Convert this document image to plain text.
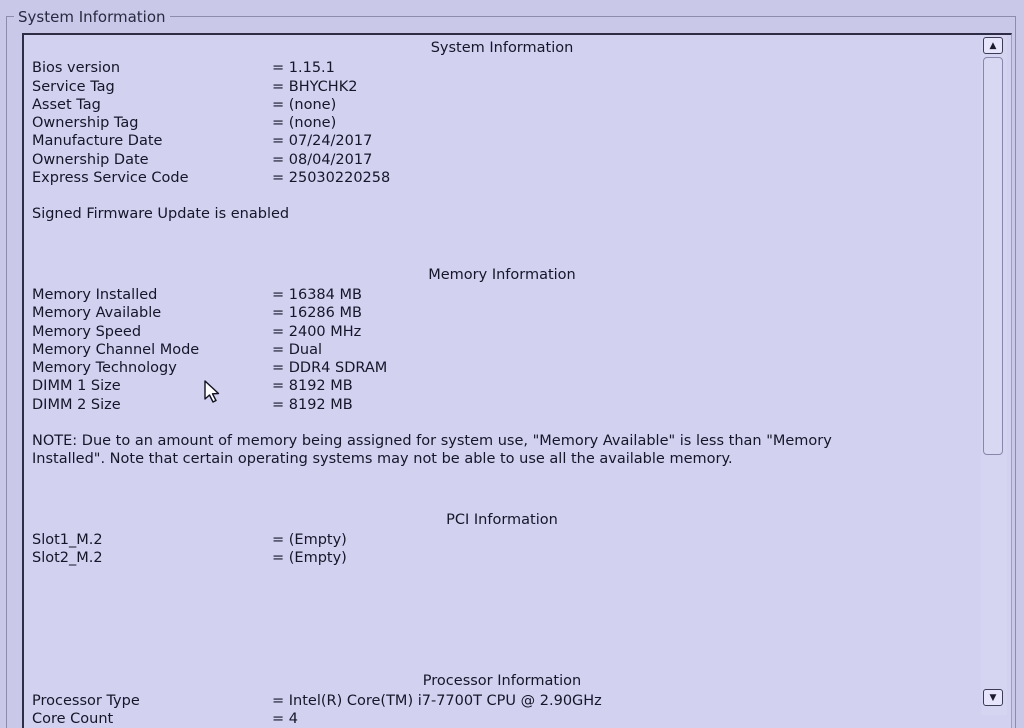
System Information
System Information
Bios version	= 1.15.1
Service Tag	= BHYCHK2
Asset Tag	= (none)
Ownership Tag	= (none)
Manufacture Date	= 07/24/2017
Ownership Date	= 08/04/2017
Express Service Code	= 25030220258
Signed Firmware Update is enabled
Memory Information
Memory Installed	= 16384 MB
Memory Available	= 16286 MB
Memory Speed	= 2400 MHz
Memory Channel Mode	= Dual
Memory Technology	= DDR4 SDRAM
DIMM 1 Size	= 8192 MB
DIMM 2 Size	= 8192 MB
NOTE: Due to an amount of memory being assigned for system use, "Memory Available" is less than "Memory Installed". Note that certain operating systems may not be able to use all the available memory.
PCI Information
Slot1_M.2	= (Empty)
Slot2_M.2	= (Empty)
Processor Information
Processor Type	= Intel(R) Core(TM) i7-7700T CPU @ 2.90GHz
Core Count	= 4
▲
▼
